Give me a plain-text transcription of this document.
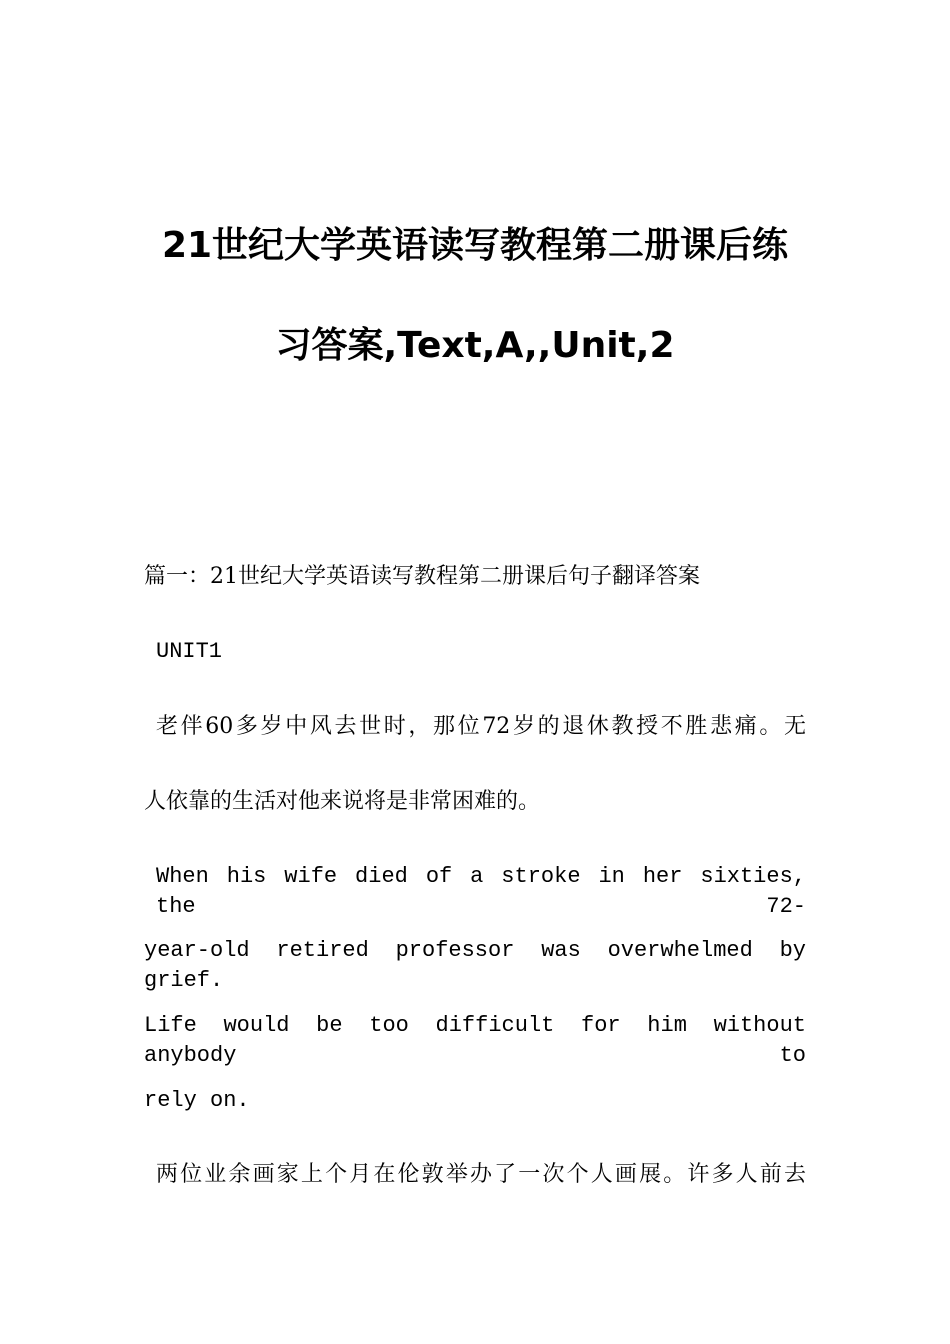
21世纪大学英语读写教程第二册课后练
习答案,Text,A,,Unit,2
篇一：21世纪大学英语读写教程第二册课后句子翻译答案
UNIT1
老伴60多岁中风去世时，那位72岁的退休教授不胜悲痛。无
人依靠的生活对他来说将是非常困难的。
When his wife died of a stroke in her sixties, the 72-
year-old retired professor was overwhelmed by grief.
Life would be too difficult for him without anybody to
rely on.
两位业余画家上个月在伦敦举办了一次个人画展。许多人前去
